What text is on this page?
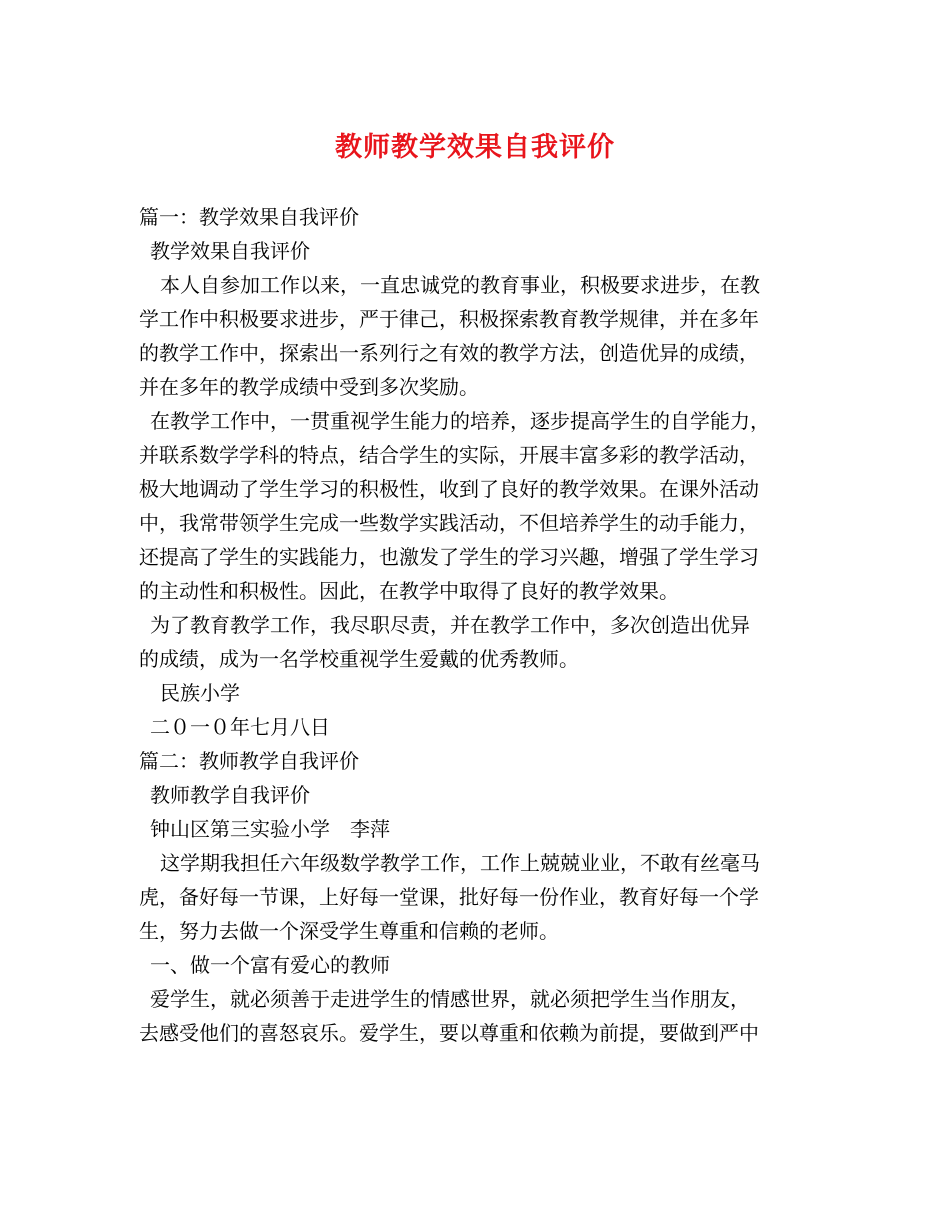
教师教学效果自我评价
篇一：教学效果自我评价
教学效果自我评价
本人自参加工作以来，一直忠诚党的教育事业，积极要求进步，在教
学工作中积极要求进步，严于律己，积极探索教育教学规律，并在多年
的教学工作中，探索出一系列行之有效的教学方法，创造优异的成绩，
并在多年的教学成绩中受到多次奖励。
在教学工作中，一贯重视学生能力的培养，逐步提高学生的自学能力，
并联系数学学科的特点，结合学生的实际，开展丰富多彩的教学活动，
极大地调动了学生学习的积极性，收到了良好的教学效果。在课外活动
中，我常带领学生完成一些数学实践活动，不但培养学生的动手能力，
还提高了学生的实践能力，也激发了学生的学习兴趣，增强了学生学习
的主动性和积极性。因此，在教学中取得了良好的教学效果。
为了教育教学工作，我尽职尽责，并在教学工作中，多次创造出优异
的成绩，成为一名学校重视学生爱戴的优秀教师。
民族小学
二０一０年七月八日
篇二：教师教学自我评价
教师教学自我评价
钟山区第三实验小学　李萍
这学期我担任六年级数学教学工作，工作上兢兢业业，不敢有丝毫马
虎，备好每一节课，上好每一堂课，批好每一份作业，教育好每一个学
生，努力去做一个深受学生尊重和信赖的老师。
一、做一个富有爱心的教师
爱学生，就必须善于走进学生的情感世界，就必须把学生当作朋友，
去感受他们的喜怒哀乐。爱学生，要以尊重和依赖为前提，要做到严中
